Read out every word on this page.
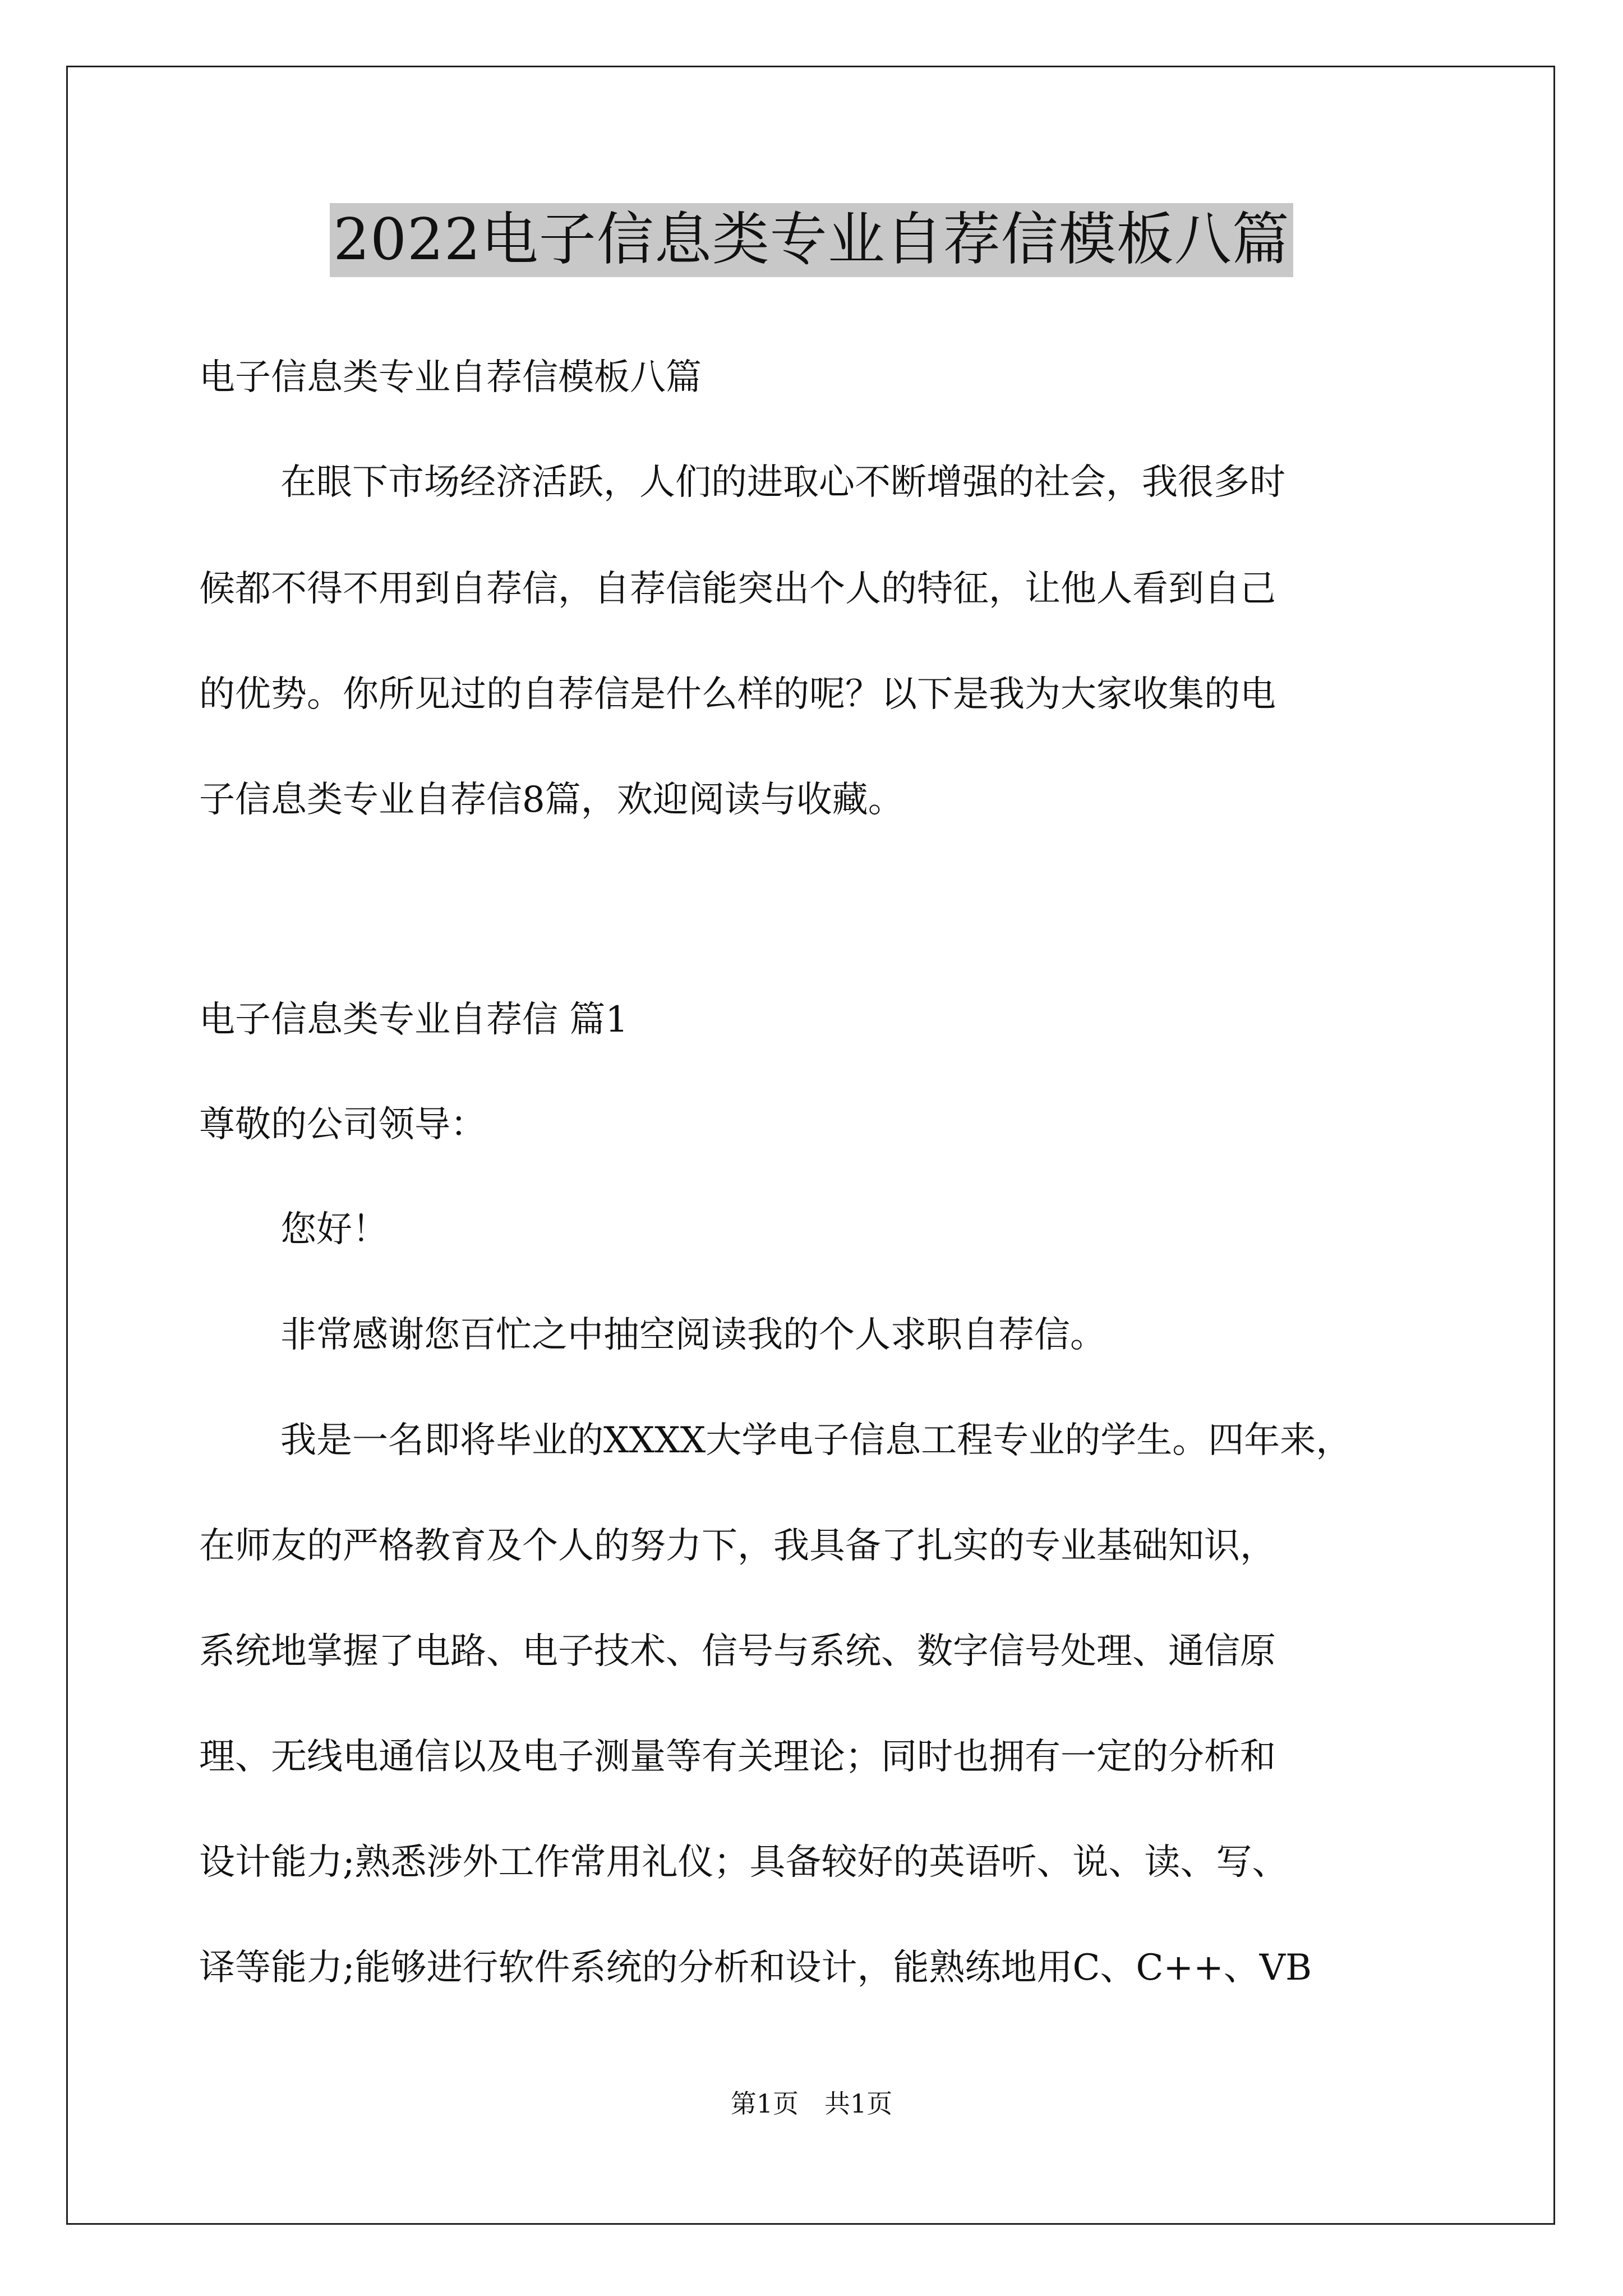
2022电子信息类专业自荐信模板八篇
电子信息类专业自荐信模板八篇
在眼下市场经济活跃，人们的进取心不断增强的社会，我很多时
候都不得不用到自荐信，自荐信能突出个人的特征，让他人看到自己
的优势。你所见过的自荐信是什么样的呢？以下是我为大家收集的电
子信息类专业自荐信8篇，欢迎阅读与收藏。
电子信息类专业自荐信 篇1
尊敬的公司领导：
您好！
非常感谢您百忙之中抽空阅读我的个人求职自荐信。
我是一名即将毕业的XXXX大学电子信息工程专业的学生。四年来，
在师友的严格教育及个人的努力下，我具备了扎实的专业基础知识，
系统地掌握了电路、电子技术、信号与系统、数字信号处理、通信原
理、无线电通信以及电子测量等有关理论；同时也拥有一定的分析和
设计能力;熟悉涉外工作常用礼仪；具备较好的英语听、说、读、写、
译等能力;能够进行软件系统的分析和设计，能熟练地用C、C++、VB
第1页　共1页
